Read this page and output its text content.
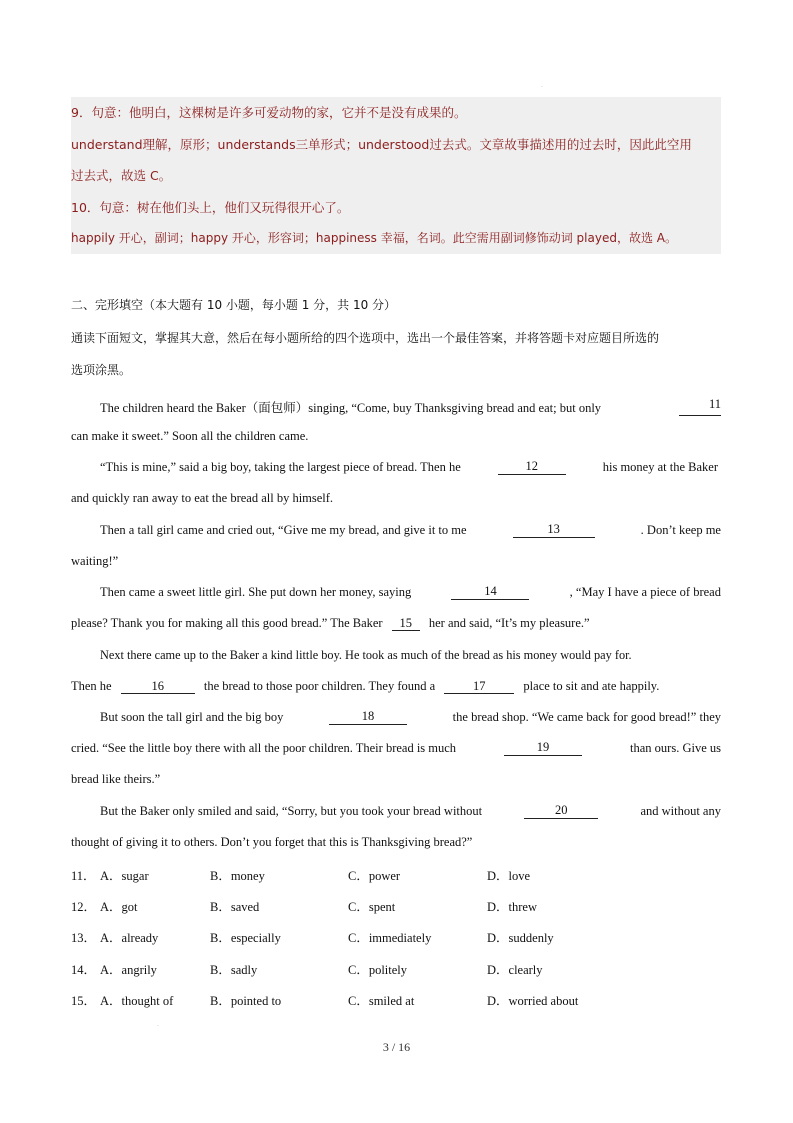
9．句意：他明白，这棵树是许多可爱动物的家，它并不是没有成果的。
understand理解，原形；understands三单形式；understood过去式。文章故事描述用的过去时，因此此空用
过去式，故选 C。
10．句意：树在他们头上，他们又玩得很开心了。
happily 开心，副词；happy 开心，形容词；happiness 幸福，名词。此空需用副词修饰动词 played，故选 A。
二、完形填空（本大题有 10 小题，每小题 1 分，共 10 分）
通读下面短文，掌握其大意，然后在每小题所给的四个选项中，选出一个最佳答案，并将答题卡对应题目所选的
选项涂黑。
The children heard the Baker（面包师）singing, “Come, buy Thanksgiving bread and eat; but only	11
can make it sweet.” Soon all the children came.
“This is mine,” said a big boy, taking the largest piece of bread. Then he	12	his money at the Baker
and quickly ran away to eat the bread all by himself.
Then a tall girl came and cried out, “Give me my bread, and give it to me	13	. Don’t keep me
waiting!”
Then came a sweet little girl. She put down her money, saying	14	, “May I have a piece of bread
please? Thank you for making all this good bread.” The Baker 15 her and said, “It’s my pleasure.”
Next there came up to the Baker a kind little boy. He took as much of the bread as his money would pay for.
Then he	16	the bread to those poor children. They found a	17	place to sit and ate happily.
But soon the tall girl and the big boy	18	the bread shop. “We came back for good bread!” they
cried. “See the little boy there with all the poor children. Their bread is much	19	than ours. Give us
bread like theirs.”
But the Baker only smiled and said, “Sorry, but you took your bread without	20	and without any
thought of giving it to others. Don’t you forget that this is Thanksgiving bread?”
11． A．sugar	B．money	C．power	D．love
12． A．got	B．saved	C．spent	D．threw
13． A．already	B．especially	C．immediately	D．suddenly
14． A．angrily	B．sadly	C．politely	D．clearly
15． A．thought of	B．pointed to	C．smiled at	D．worried about
·
·
3 / 16
